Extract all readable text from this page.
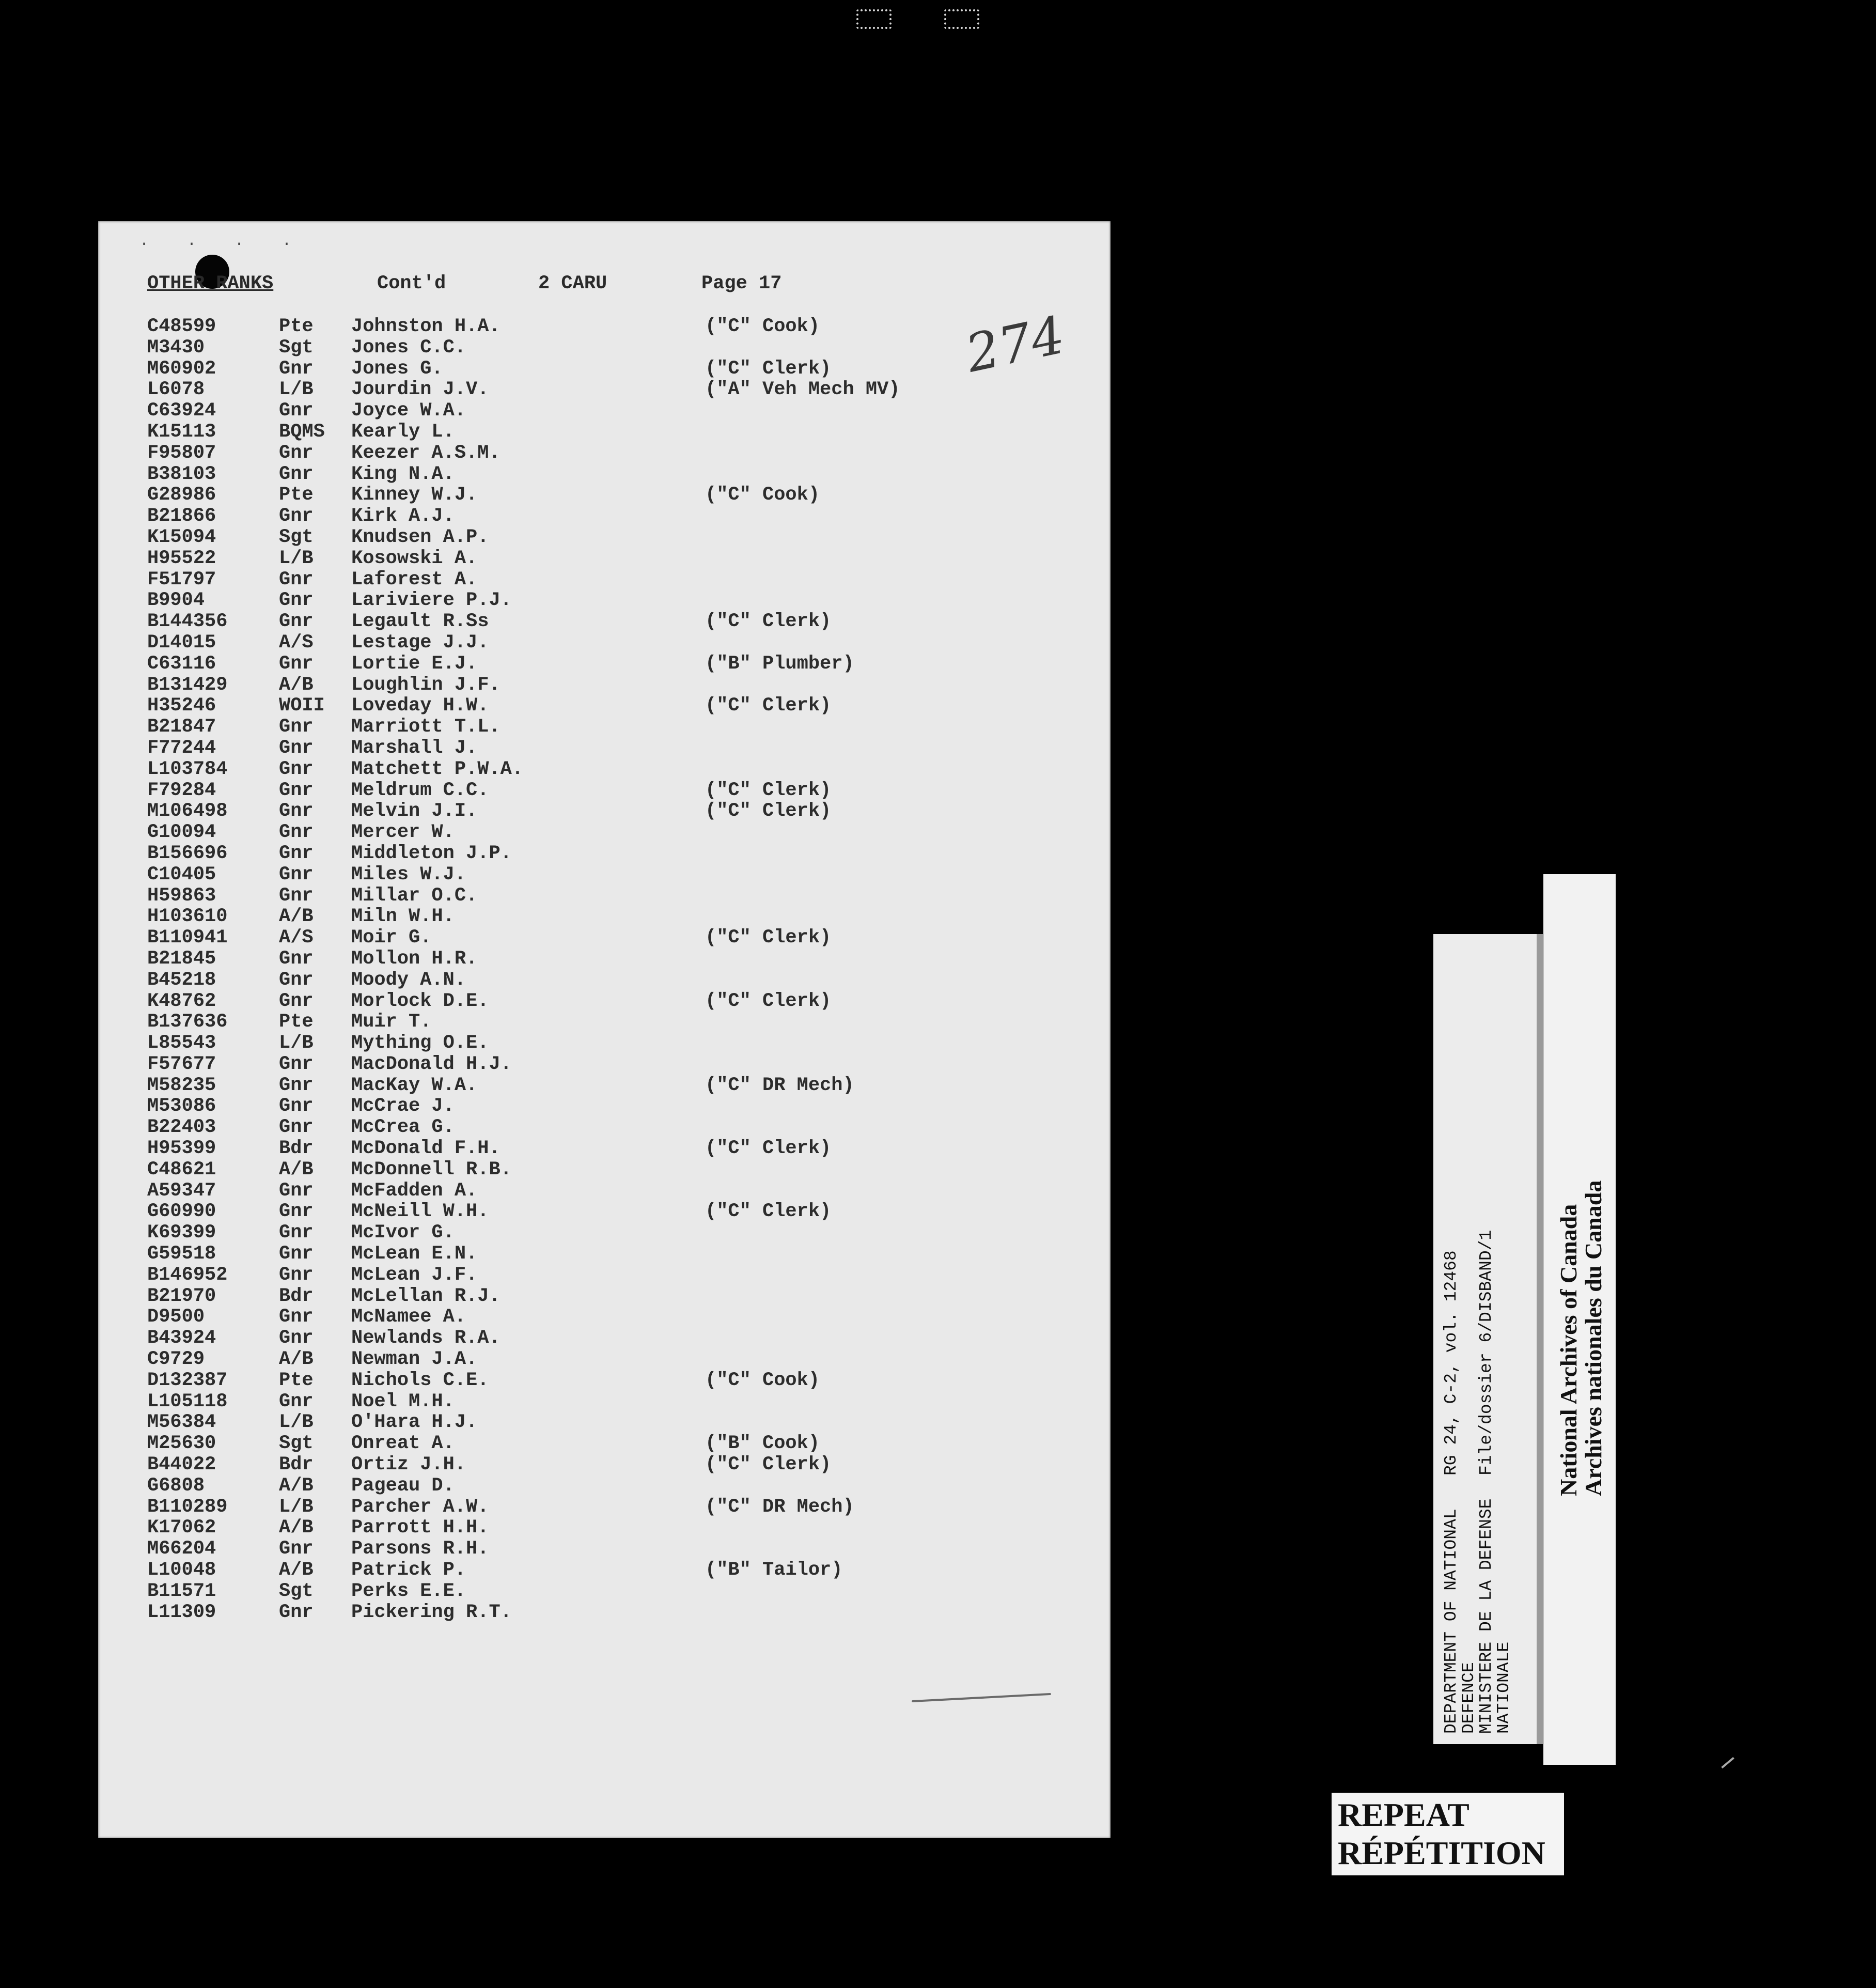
. . . .
OTHER RANKS	Cont'd	2 CARU	Page 17
274
C48599	Pte Johnston H.A.	("C" Cook)
M3430	Sgt Jones C.C.
M60902	Gnr Jones G.	("C" Clerk)
L6078	L/B Jourdin J.V.	("A" Veh Mech MV)
C63924	Gnr Joyce W.A.
K15113	BQMS Kearly L.
F95807	Gnr Keezer A.S.M.
B38103	Gnr King N.A.
G28986	Pte Kinney W.J.	("C" Cook)
B21866	Gnr Kirk A.J.
K15094	Sgt Knudsen A.P.
H95522	L/B Kosowski A.
F51797	Gnr Laforest A.
B9904	Gnr Lariviere P.J.
B144356	Gnr Legault R.Ss	("C" Clerk)
D14015	A/S Lestage J.J.
C63116	Gnr Lortie E.J.	("B" Plumber)
B131429	A/B Loughlin J.F.
H35246	WOII Loveday H.W.	("C" Clerk)
B21847	Gnr Marriott T.L.
F77244	Gnr Marshall J.
L103784	Gnr Matchett P.W.A.
F79284	Gnr Meldrum C.C.	("C" Clerk)
M106498	Gnr Melvin J.I.	("C" Clerk)
G10094	Gnr Mercer W.
B156696	Gnr Middleton J.P.
C10405	Gnr Miles W.J.
H59863	Gnr Millar O.C.
H103610	A/B Miln W.H.
B110941	A/S Moir G.	("C" Clerk)
B21845	Gnr Mollon H.R.
B45218	Gnr Moody A.N.
K48762	Gnr Morlock D.E.	("C" Clerk)
B137636	Pte Muir T.
L85543	L/B Mything O.E.
F57677	Gnr MacDonald H.J.
M58235	Gnr MacKay W.A.	("C" DR Mech)
M53086	Gnr McCrae J.
B22403	Gnr McCrea G.
H95399	Bdr McDonald F.H.	("C" Clerk)
C48621	A/B McDonnell R.B.
A59347	Gnr McFadden A.
G60990	Gnr McNeill W.H.	("C" Clerk)
K69399	Gnr McIvor G.
G59518	Gnr McLean E.N.
B146952	Gnr McLean J.F.
B21970	Bdr McLellan R.J.
D9500	Gnr McNamee A.
B43924	Gnr Newlands R.A.
C9729	A/B Newman J.A.
D132387	Pte Nichols C.E.	("C" Cook)
L105118	Gnr Noel M.H.
M56384	L/B O'Hara H.J.
M25630	Sgt Onreat A.	("B" Cook)
B44022	Bdr Ortiz J.H.	("C" Clerk)
G6808	A/B Pageau D.
B110289	L/B Parcher A.W.	("C" DR Mech)
K17062	A/B Parrott H.H.
M66204	Gnr Parsons R.H.
L10048	A/B Patrick P.	("B" Tailor)
B11571	Sgt Perks E.E.
L11309	Gnr Pickering R.T.
DEPARTMENT OF NATIONAL
DEFENCE
MINISTERE DE LA DEFENSE
NATIONALE
RG 24, C-2, vol. 12468

File/dossier 6/DISBAND/1	National Archives of Canada
Archives nationales du Canada
REPEAT
RÉPÉTITION
